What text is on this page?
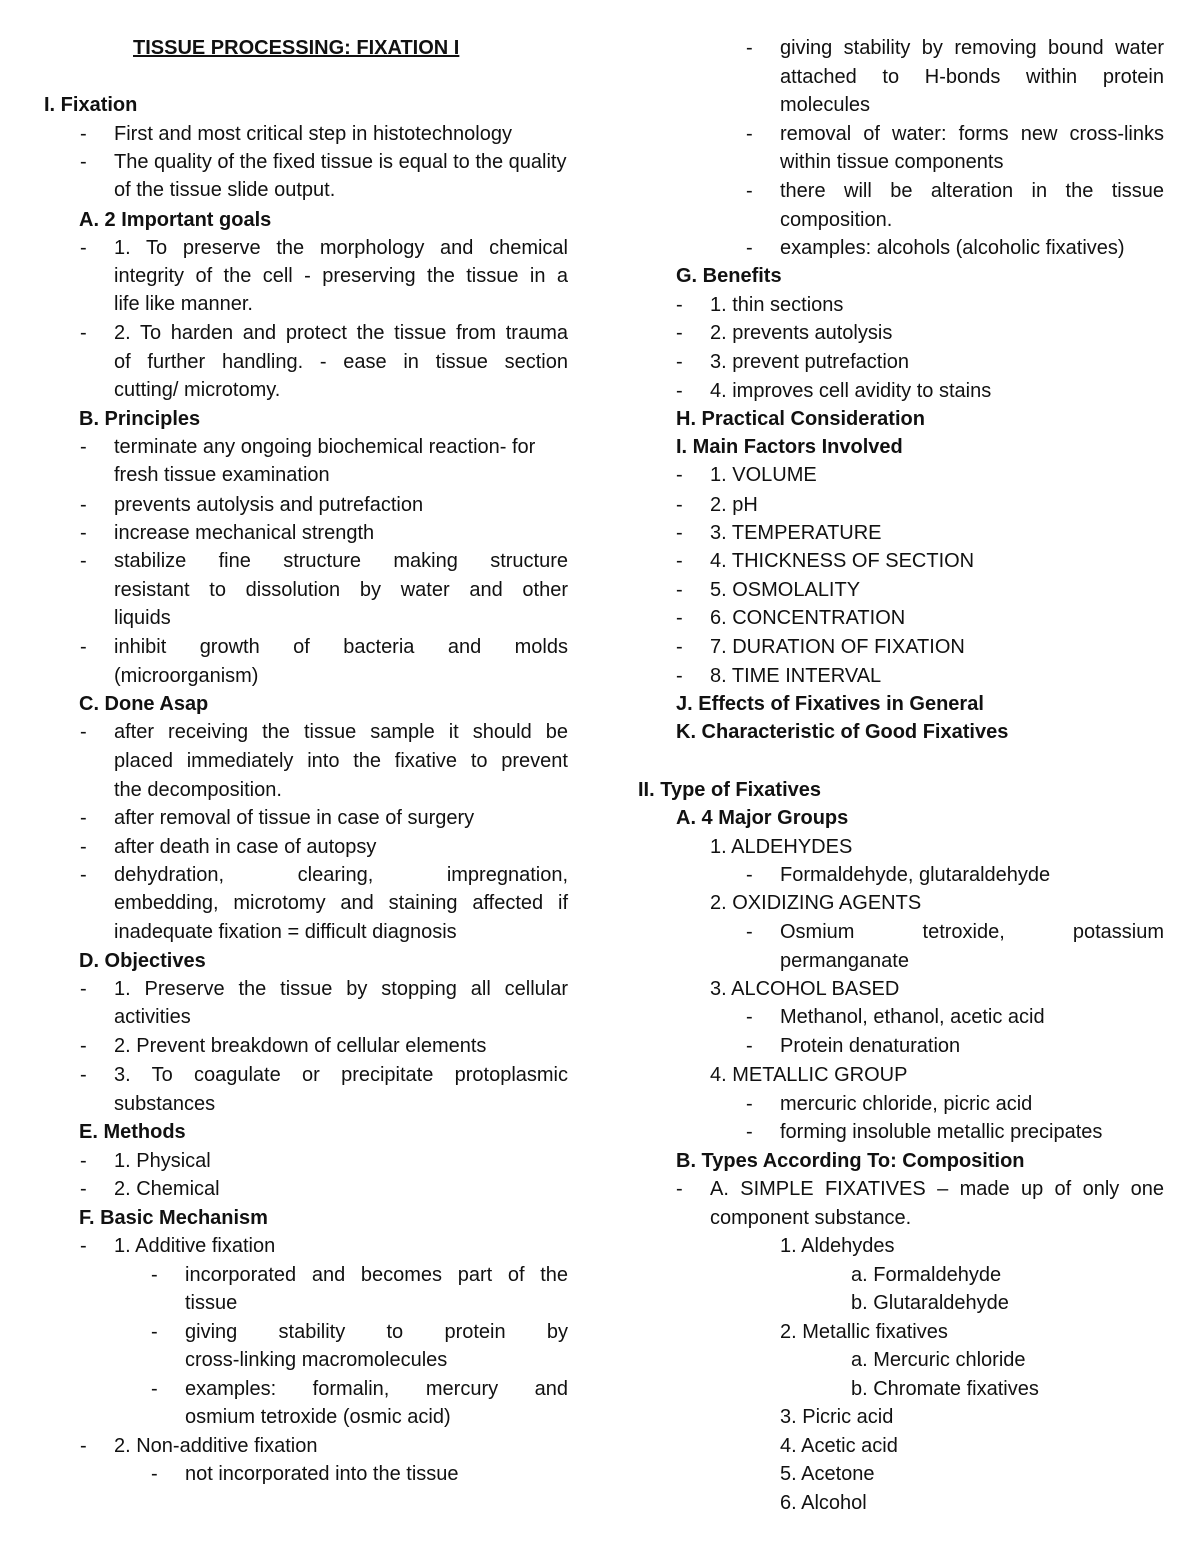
TISSUE PROCESSING: FIXATION I
I. Fixation
- First and most critical step in histotechnology
- The quality of the fixed tissue is equal to the quality
of the tissue slide output.
A. 2 Important goals
- 1. To preserve the morphology and chemical
integrity of the cell - preserving the tissue in a
life like manner.
- 2. To harden and protect the tissue from trauma
of further handling. - ease in tissue section
cutting/ microtomy.
B. Principles
- terminate any ongoing biochemical reaction- for
fresh tissue examination
- prevents autolysis and putrefaction
- increase mechanical strength
- stabilize fine structure making structure
resistant to dissolution by water and other
liquids
- inhibit growth of bacteria and molds
(microorganism)
C. Done Asap
- after receiving the tissue sample it should be
placed immediately into the fixative to prevent
the decomposition.
- after removal of tissue in case of surgery
- after death in case of autopsy
- dehydration, clearing, impregnation,
embedding, microtomy and staining affected if
inadequate fixation = difficult diagnosis
D. Objectives
- 1. Preserve the tissue by stopping all cellular
activities
- 2. Prevent breakdown of cellular elements
- 3. To coagulate or precipitate protoplasmic
substances
E. Methods
- 1. Physical
- 2. Chemical
F. Basic Mechanism
- 1. Additive fixation
- incorporated and becomes part of the
tissue
- giving stability to protein by
cross-linking macromolecules
- examples: formalin, mercury and
osmium tetroxide (osmic acid)
- 2. Non-additive fixation
- not incorporated into the tissue
- giving stability by removing bound water
attached to H-bonds within protein
molecules
- removal of water: forms new cross-links
within tissue components
- there will be alteration in the tissue
composition.
- examples: alcohols (alcoholic fixatives)
G. Benefits
- 1. thin sections
- 2. prevents autolysis
- 3. prevent putrefaction
- 4. improves cell avidity to stains
H. Practical Consideration
I. Main Factors Involved
- 1. VOLUME
- 2. pH
- 3. TEMPERATURE
- 4. THICKNESS OF SECTION
- 5. OSMOLALITY
- 6. CONCENTRATION
- 7. DURATION OF FIXATION
- 8. TIME INTERVAL
J. Effects of Fixatives in General
K. Characteristic of Good Fixatives
II. Type of Fixatives
A. 4 Major Groups
1. ALDEHYDES
- Formaldehyde, glutaraldehyde
2. OXIDIZING AGENTS
- Osmium tetroxide, potassium
permanganate
3. ALCOHOL BASED
- Methanol, ethanol, acetic acid
- Protein denaturation
4. METALLIC GROUP
- mercuric chloride, picric acid
- forming insoluble metallic precipates
B. Types According To: Composition
- A. SIMPLE FIXATIVES – made up of only one
component substance.
1. Aldehydes
a. Formaldehyde
b. Glutaraldehyde
2. Metallic fixatives
a. Mercuric chloride
b. Chromate fixatives
3. Picric acid
4. Acetic acid
5. Acetone
6. Alcohol
